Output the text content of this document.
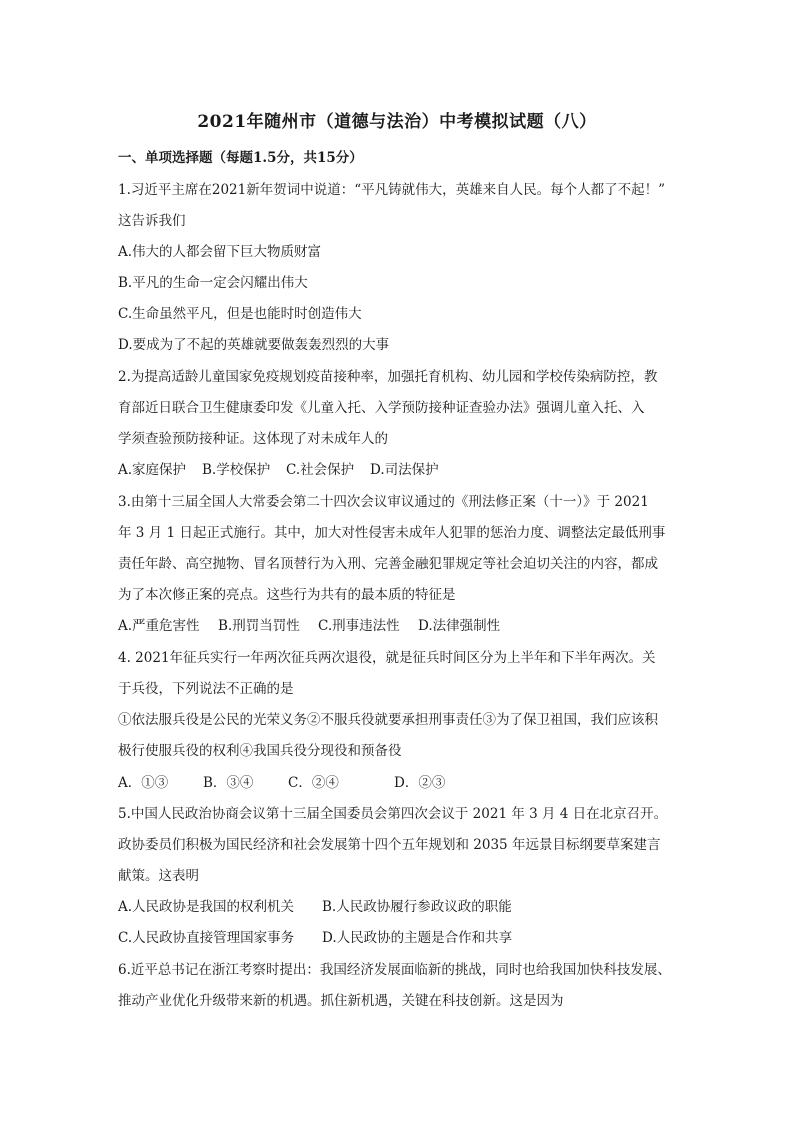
2021年随州市（道德与法治）中考模拟试题（八）
一、单项选择题（每题1.5分，共15分）
1.习近平主席在2021新年贺词中说道：“平凡铸就伟大，英雄来自人民。每个人都了不起！”
这告诉我们
A.伟大的人都会留下巨大物质财富
B.平凡的生命一定会闪耀出伟大
C.生命虽然平凡，但是也能时时创造伟大
D.要成为了不起的英雄就要做轰轰烈烈的大事
2.为提高适龄儿童国家免疫规划疫苗接种率，加强托育机构、幼儿园和学校传染病防控，教
育部近日联合卫生健康委印发《儿童入托、入学预防接种证查验办法》强调儿童入托、入
学须查验预防接种证。这体现了对未成年人的
A.家庭保护 B.学校保护 C.社会保护 D.司法保护
3.由第十三届全国人大常委会第二十四次会议审议通过的《刑法修正案（十一）》于 2021
年 3 月 1 日起正式施行。其中，加大对性侵害未成年人犯罪的惩治力度、调整法定最低刑事
责任年龄、高空抛物、冒名顶替行为入刑、完善金融犯罪规定等社会迫切关注的内容，都成
为了本次修正案的亮点。这些行为共有的最本质的特征是
A.严重危害性 B.刑罚当罚性 C.刑事违法性 D.法律强制性
4. 2021年征兵实行一年两次征兵两次退役，就是征兵时间区分为上半年和下半年两次。关
于兵役，下列说法不正确的是
①依法服兵役是公民的光荣义务②不服兵役就要承担刑事责任③为了保卫祖国，我们应该积
极行使服兵役的权利④我国兵役分现役和预备役
A．①③	B．③④	C．②④	D．②③
5.中国人民政治协商会议第十三届全国委员会第四次会议于 2021 年 3 月 4 日在北京召开。
政协委员们积极为国民经济和社会发展第十四个五年规划和 2035 年远景目标纲要草案建言
献策。这表明
A.人民政协是我国的权利机关 B.人民政协履行参政议政的职能
C.人民政协直接管理国家事务 D.人民政协的主题是合作和共享
6.近平总书记在浙江考察时提出：我国经济发展面临新的挑战，同时也给我国加快科技发展、
推动产业优化升级带来新的机遇。抓住新机遇，关键在科技创新。这是因为
